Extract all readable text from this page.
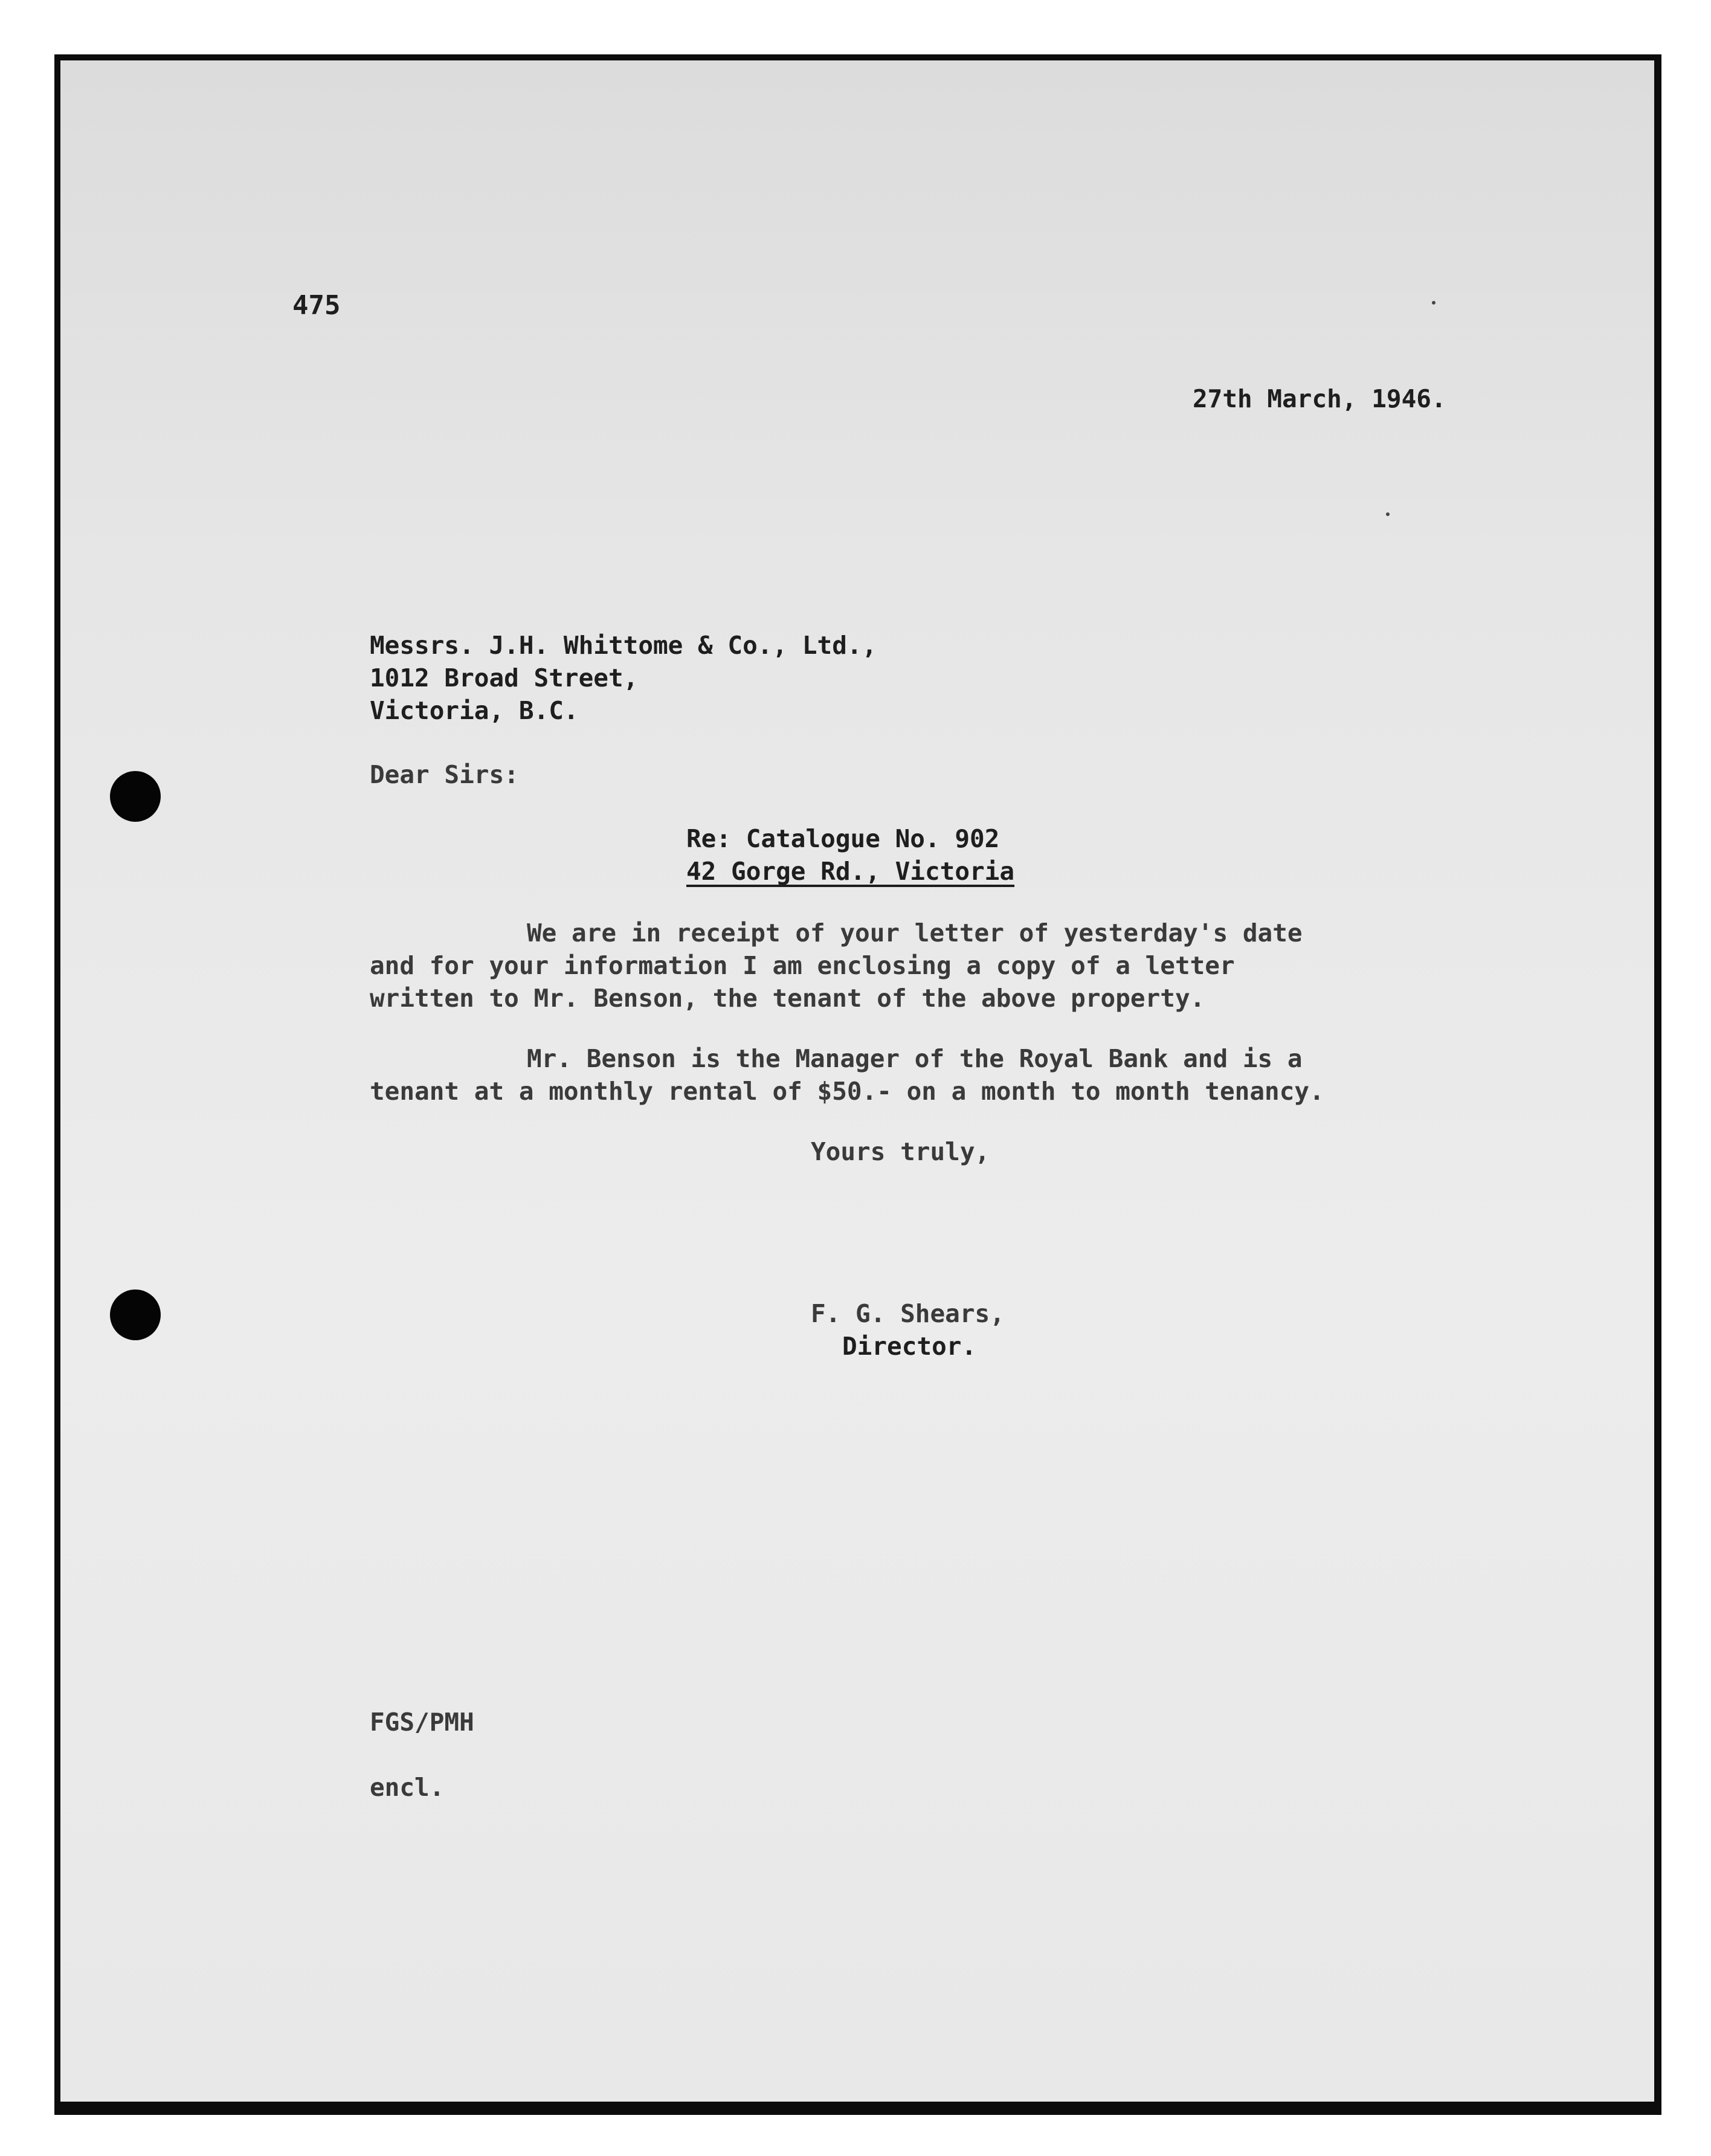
475
27th March, 1946.
Messrs. J.H. Whittome & Co., Ltd.,
1012 Broad Street,
Victoria, B.C.
Dear Sirs:
Re: Catalogue No. 902
42 Gorge Rd., Victoria
We are in receipt of your letter of yesterday's date
and for your information I am enclosing a copy of a letter
written to Mr. Benson, the tenant of the above property.
Mr. Benson is the Manager of the Royal Bank and is a
tenant at a monthly rental of $50.- on a month to month tenancy.
Yours truly,
F. G. Shears,
Director.
FGS/PMH
encl.
